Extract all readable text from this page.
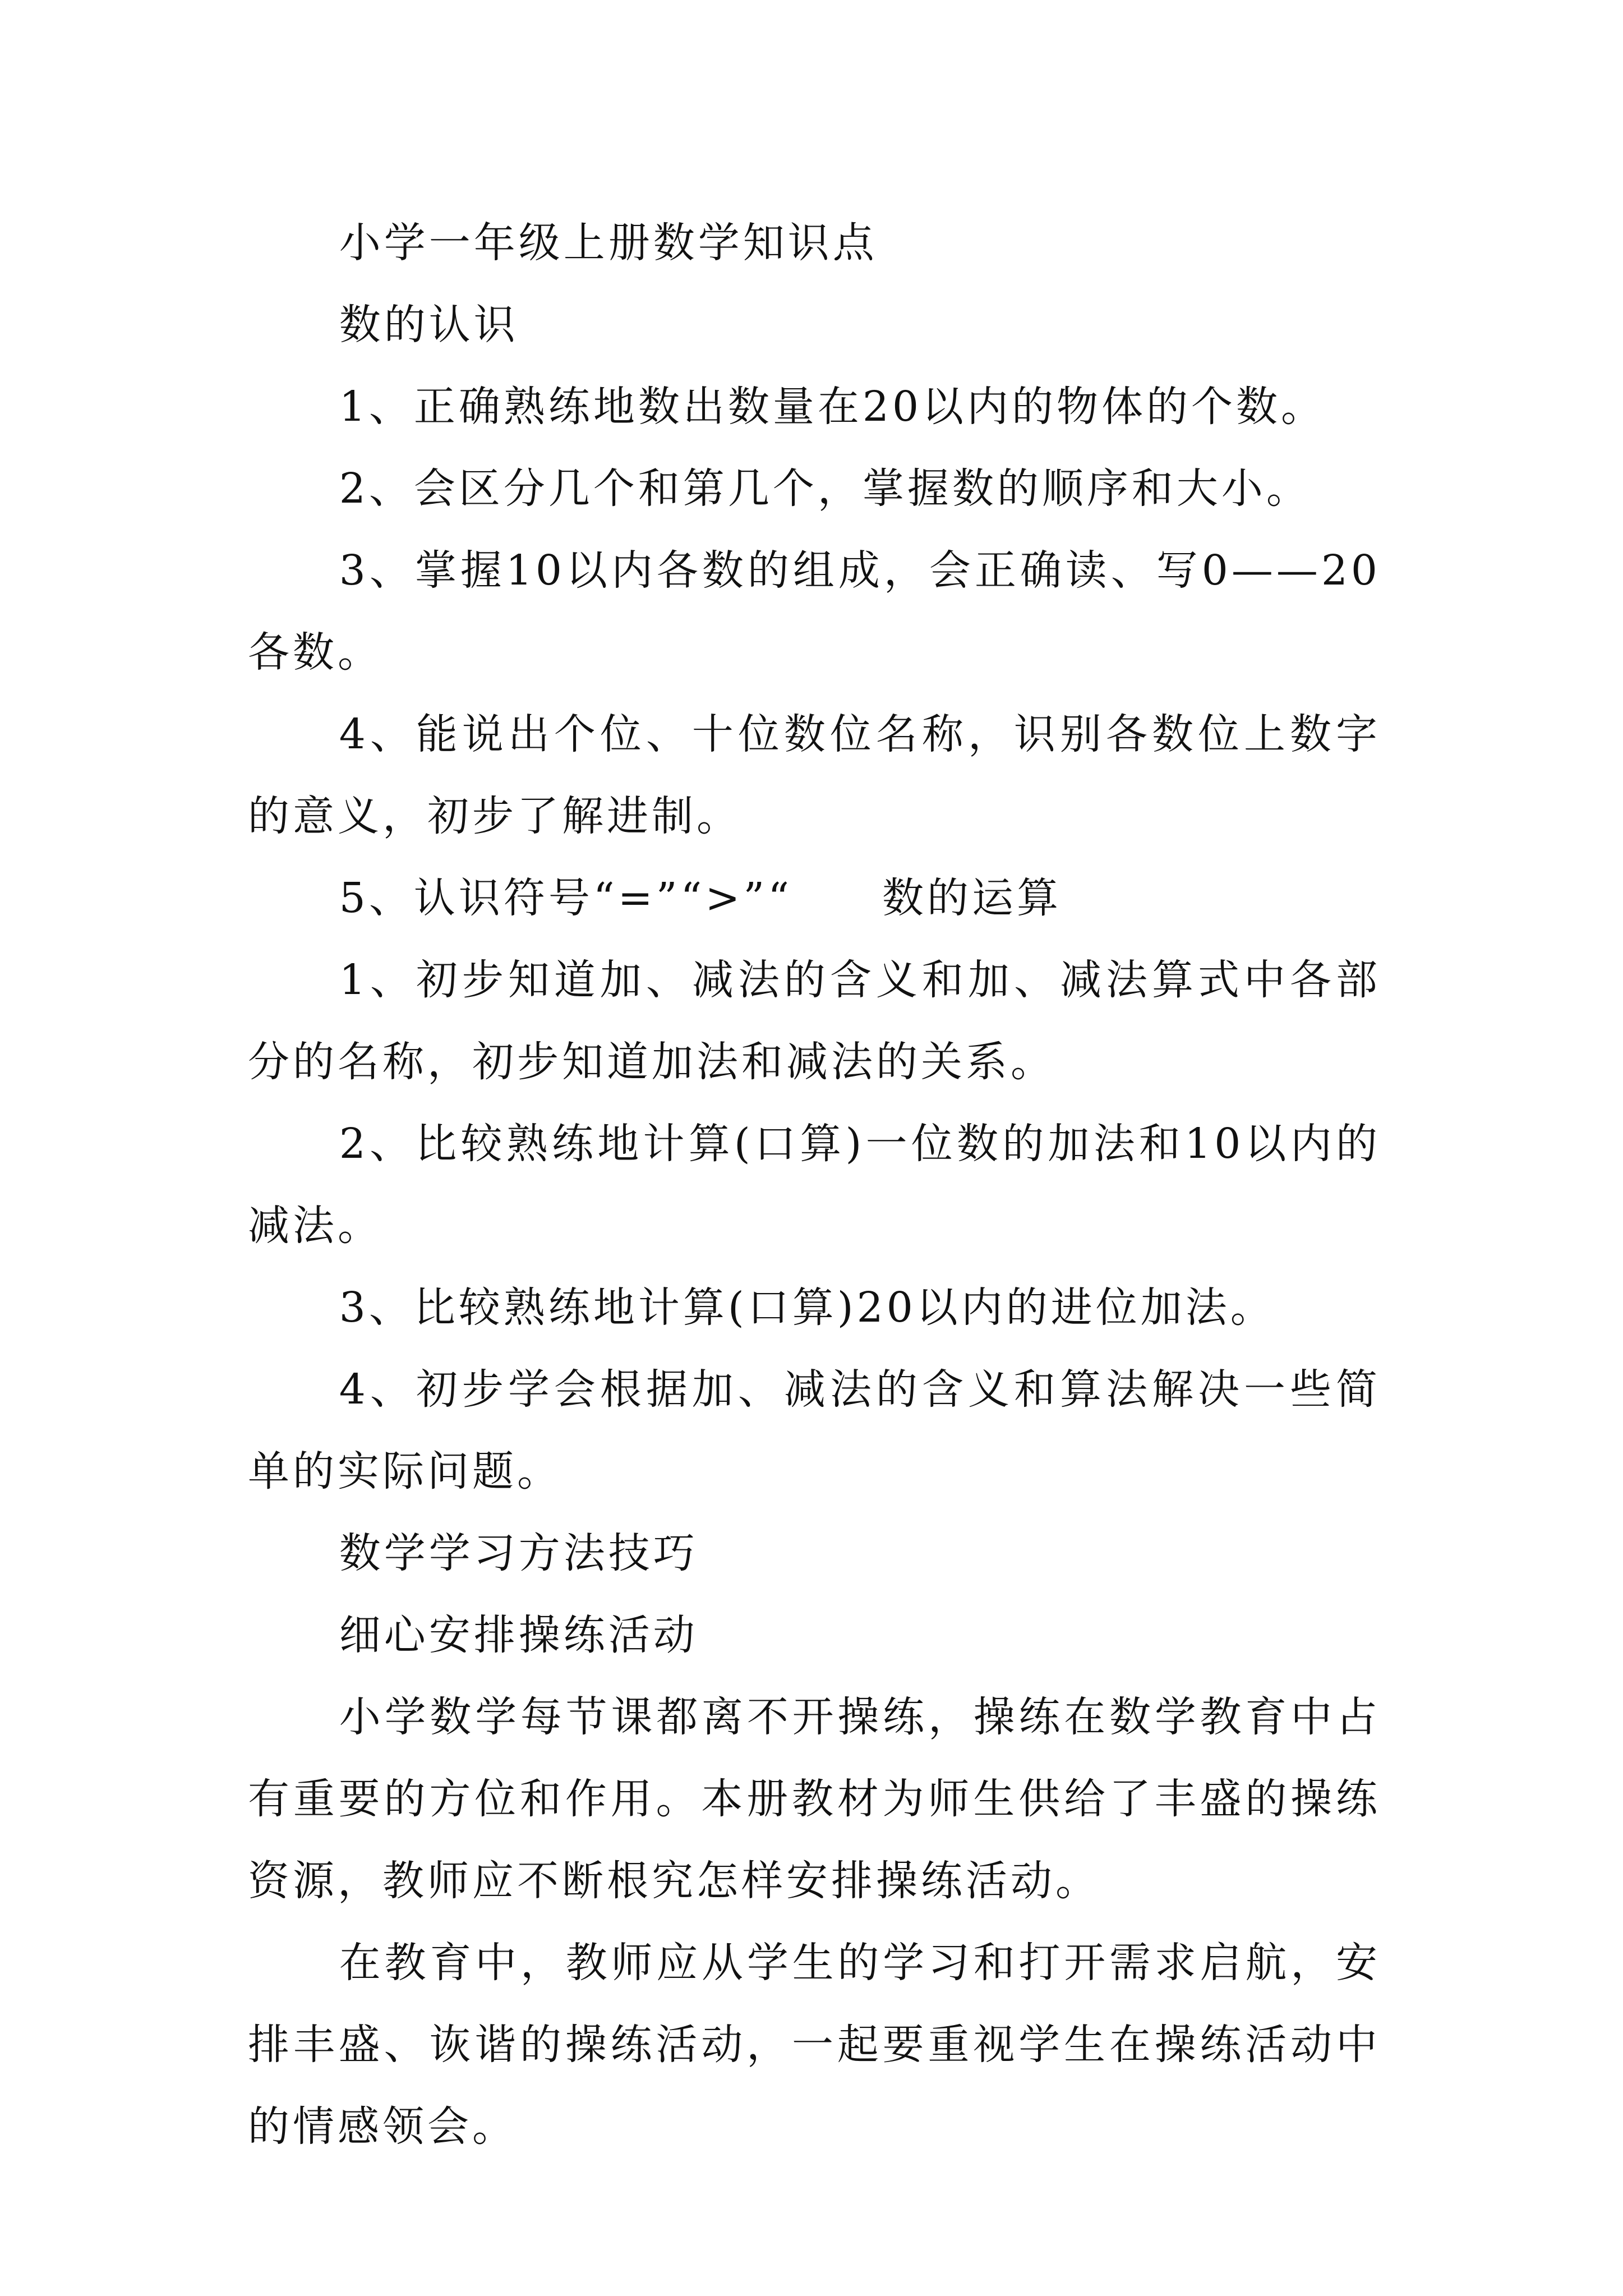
小学一年级上册数学知识点

数的认识

1、正确熟练地数出数量在20以内的物体的个数。

2、会区分几个和第几个，掌握数的顺序和大小。

3、掌握10以内各数的组成，会正确读、写0——20各数。

4、能说出个位、十位数位名称，识别各数位上数字的意义，初步了解进制。

5、认识符号“=”“>”“　　数的运算

1、初步知道加、减法的含义和加、减法算式中各部分的名称，初步知道加法和减法的关系。

2、比较熟练地计算(口算)一位数的加法和10以内的减法。

3、比较熟练地计算(口算)20以内的进位加法。

4、初步学会根据加、减法的含义和算法解决一些简单的实际问题。

数学学习方法技巧

细心安排操练活动

小学数学每节课都离不开操练，操练在数学教育中占有重要的方位和作用。本册教材为师生供给了丰盛的操练资源，教师应不断根究怎样安排操练活动。

在教育中，教师应从学生的学习和打开需求启航，安排丰盛、诙谐的操练活动，一起要重视学生在操练活动中的情感领会。
